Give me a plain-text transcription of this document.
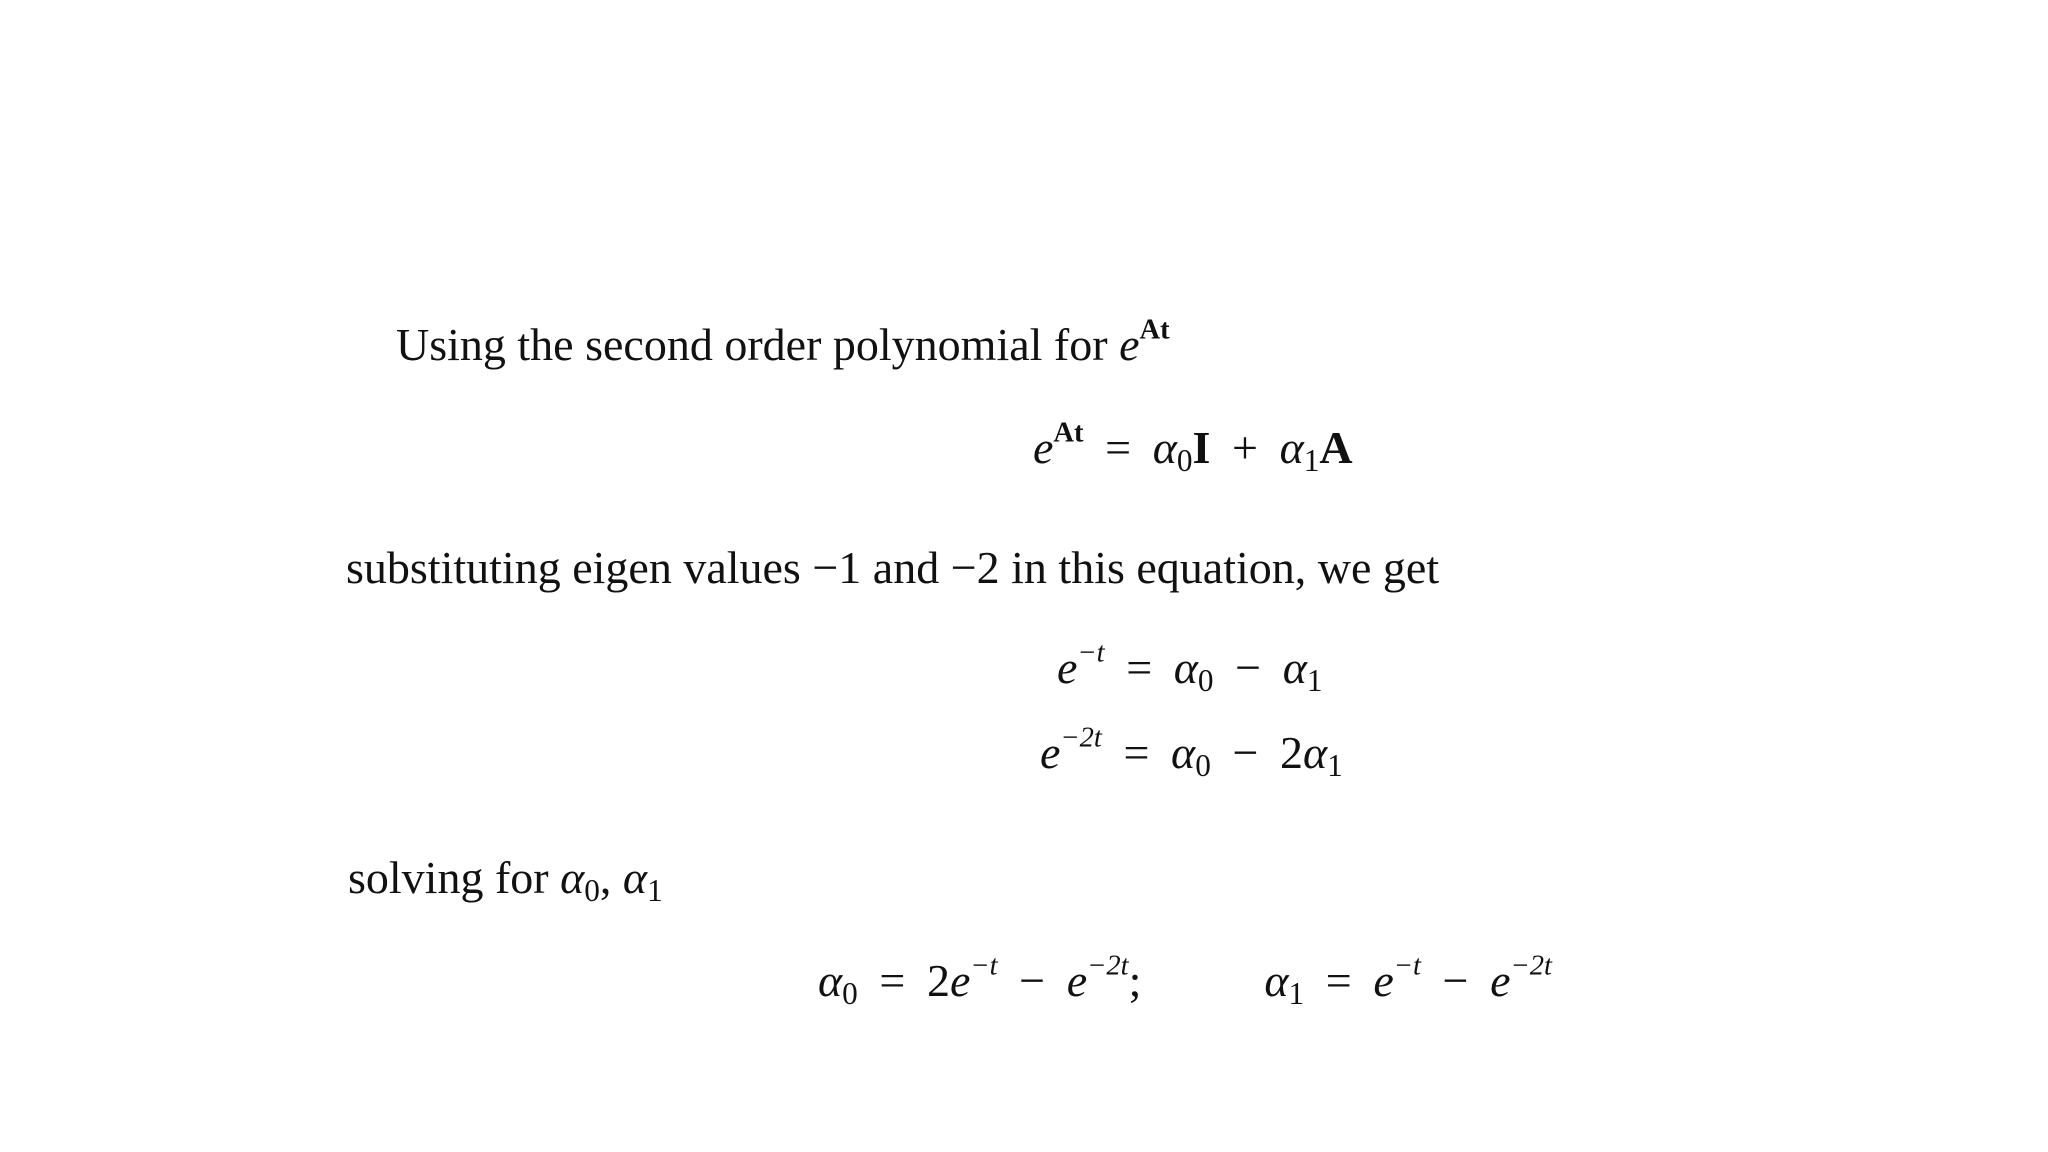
Using the second order polynomial for $e^{At}$
$e^{At} = \alpha_0I + \alpha_1A$
substituting eigen values −1 and −2 in this equation, we get
$e^{-t} = \alpha_0 - \alpha_1$
$e^{-2t} = \alpha_0 - 2\alpha_1$
solving for $\alpha_0$, $\alpha_1$
$\alpha_0 = 2e^{-t} - e^{-2t}$;	$\alpha_1 = e^{-t} - e^{-2t}$
